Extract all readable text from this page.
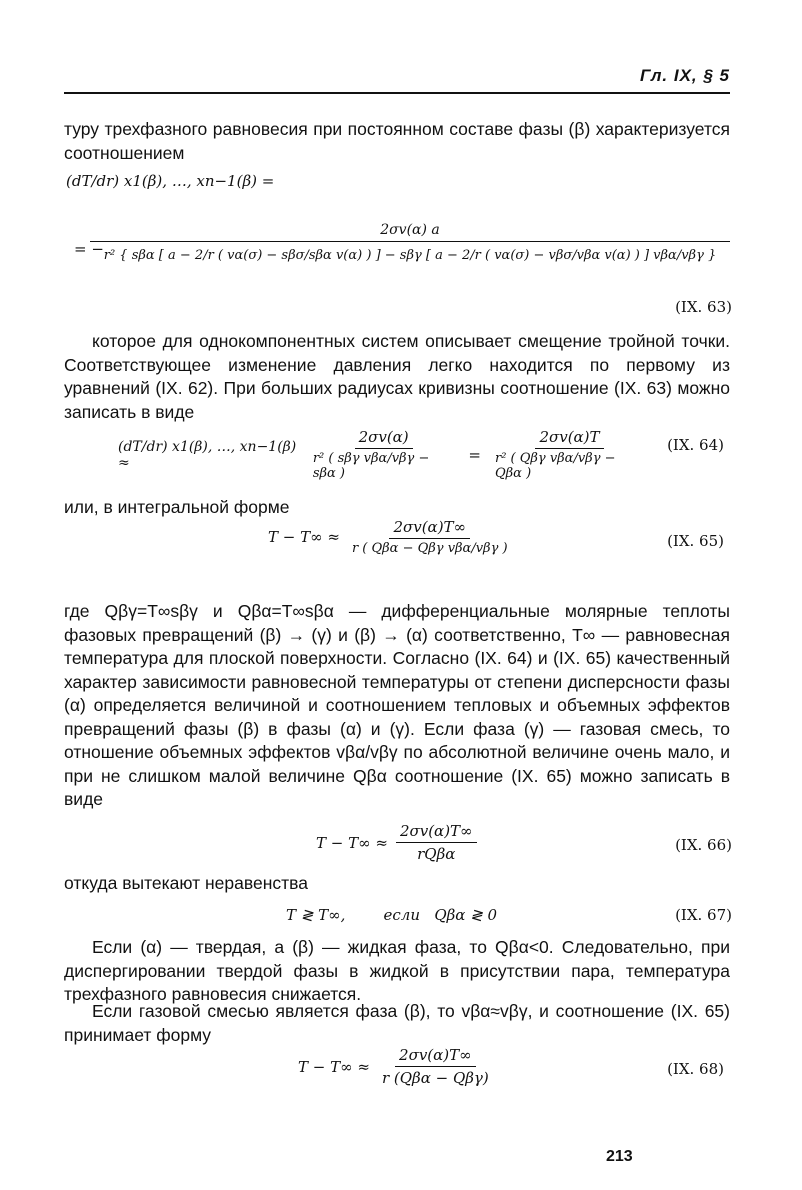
Гл. IX, § 5
туру трехфазного равновесия при постоянном составе фазы (β) характеризуется соотношением
(dT/dr) x1(β), …, xn−1(β) =
2σv(α) a
r² { sβα [ a − 2/r ( vα(σ) − sβσ/sβα v(α) ) ] − sβγ [ a − 2/r ( vα(σ) − vβσ/vβα v(α) ) ] vβα/vβγ }
= −
(IX. 63)
которое для однокомпонентных систем описывает смещение тройной точки. Соответствующее изменение давления легко находится по первому из уравнений (IX. 62). При больших радиусах кривизны соотношение (IX. 63) можно записать в виде
(dT/dr) x1(β), …, xn−1(β) ≈	$\frac{2\sigma v(\alpha)}{\text{r² ( sβγ vβα/vβγ − sβα )}} = \frac{2\sigma v(\alpha)T}{\text{r² ( Qβγ vβα/vβγ − Qβα )}} (IX$. 64)
или, в интегральной форме
$T - T\infty \approx \frac{2\sigma v(\alpha)T\infty}{\text{r ( Qβα − Qβγ vβα/vβγ )}}$	(IX. 65)
где Qβγ=T∞sβγ и Qβα=T∞sβα — дифференциальные молярные теплоты фазовых превращений (β) → (γ) и (β) → (α) соответственно, T∞ — равновесная температура для плоской поверхности. Согласно (IX. 64) и (IX. 65) качественный характер зависимости равновесной температуры от степени дисперсности фазы (α) определяется величиной и соотношением тепловых и объемных эффектов превращений фазы (β) в фазы (α) и (γ). Если фаза (γ) — газовая смесь, то отношение объемных эффектов vβα/vβγ по абсолютной величине очень мало, и при не слишком малой величине Qβα соотношение (IX. 65) можно записать в виде
$T - T\infty \approx \frac{2\sigma v(\alpha)T\infty}{\text{rQβα}}$	(IX. 66)
откуда вытекают неравенства
T ≷ T∞,        если   Qβα ≷ 0	(IX. 67)
Если (α) — твердая, а (β) — жидкая фаза, то Qβα<0. Следовательно, при диспергировании твердой фазы в жидкой в присутствии пара, температура трехфазного равновесия снижается.
Если газовой смесью является фаза (β), то vβα≈vβγ, и соотношение (IX. 65) принимает форму
$T - T\infty \approx \frac{2\sigma v(\alpha)T\infty}{\text{r (Qβα − Qβγ)}}$	(IX. 68)
213
